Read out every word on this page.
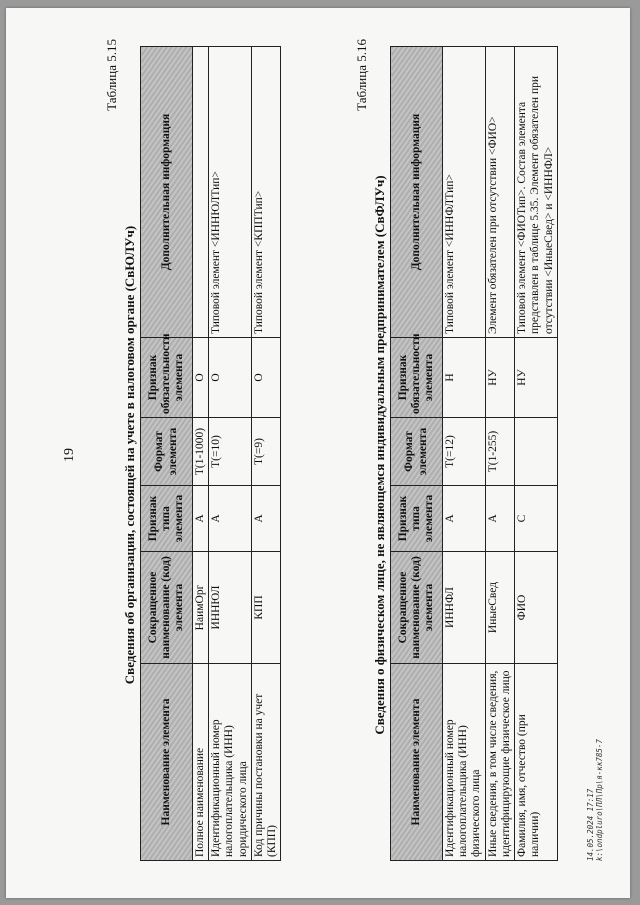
19
Таблица 5.15
Сведения об организации, состоящей на учете в налоговом органе (СвЮЛУч)
Наименование элемента	Сокращенное наименование (код) элемента	Признак типа элемента	Формат элемента	Признак обязательности элемента	Дополнительная информация
Полное наименование	НаимОрг	А	T(1-1000)	О	
Идентификационный номер налогоплательщика (ИНН) юридического лица	ИННЮЛ	А	T(=10)	О	Типовой элемент <ИННЮЛТип>
Код причины постановки на учет (КПП)	КПП	А	T(=9)	О	Типовой элемент <КППТип>
Таблица 5.16
Сведения о физическом лице, не являющемся индивидуальным предпринимателем (СвФЛУч)
Наименование элемента	Сокращенное наименование (код) элемента	Признак типа элемента	Формат элемента	Признак обязательности элемента	Дополнительная информация
Идентификационный номер налогоплательщика (ИНН) физического лица	ИННФЛ	А	T(=12)	Н	Типовой элемент <ИННФЛТип>
Иные сведения, в том числе сведения, идентифицирующие физическое лицо	ИныеСвед	А	T(1-255)	НУ	Элемент обязателен при отсутствии <ФИО>
Фамилия, имя, отчество (при наличии)	ФИО	С		НУ	Типовой элемент <ФИОТип>. Состав элемента представлен в таблице 5.35. Элемент обязателен при отсутствии <ИныеСвед> и <ИННФЛ>
14.05.2024 17:17 k:\ondpluro\ПЛ\Пр\я-кк785-7
